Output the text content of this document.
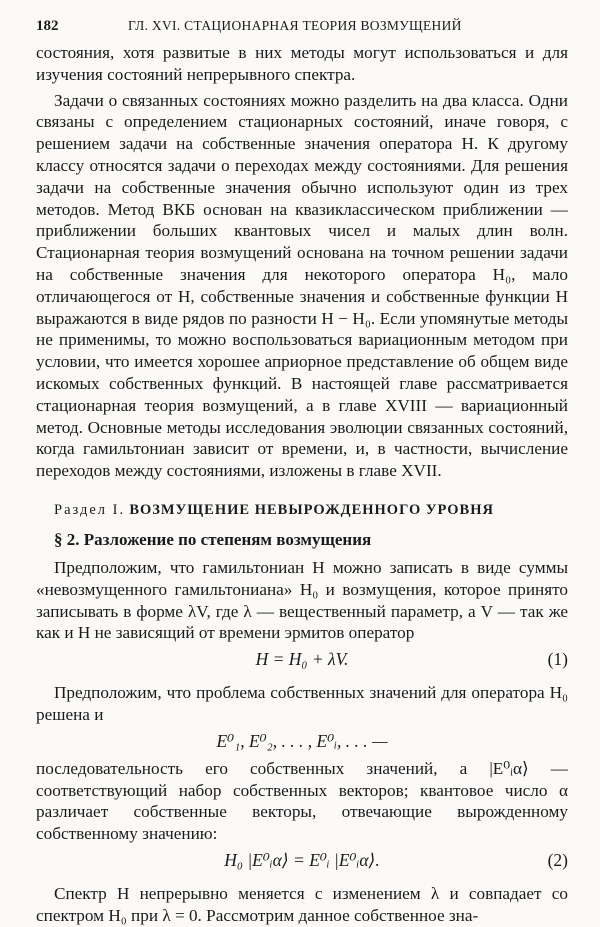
182	ГЛ. XVI. СТАЦИОНАРНАЯ ТЕОРИЯ ВОЗМУЩЕНИЙ

состояния, хотя развитые в них методы могут использоваться и для изучения состояний непрерывного спектра.

Задачи о связанных состояниях можно разделить на два класса. Одни связаны с определением стационарных состояний, иначе говоря, с решением задачи на собственные значения оператора H. К другому классу относятся задачи о переходах между состояниями. Для решения задачи на собственные значения обычно используют один из трех методов. Метод ВКБ основан на квазиклассическом приближении — приближении больших квантовых чисел и малых длин волн. Стационарная теория возмущений основана на точном решении задачи на собственные значения для некоторого оператора H₀, мало отличающегося от H, собственные значения и собственные функции H выражаются в виде рядов по разности H − H₀. Если упомянутые методы не применимы, то можно воспользоваться вариационным методом при условии, что имеется хорошее априорное представление об общем виде искомых собственных функций. В настоящей главе рассматривается стационарная теория возмущений, а в главе XVIII — вариационный метод. Основные методы исследования эволюции связанных состояний, когда гамильтониан зависит от времени, и, в частности, вычисление переходов между состояниями, изложены в главе XVII.

Раздел I. ВОЗМУЩЕНИЕ НЕВЫРОЖДЕННОГО УРОВНЯ
§ 2. Разложение по степеням возмущения

Предположим, что гамильтониан H можно записать в виде суммы «невозмущенного гамильтониана» H₀ и возмущения, которое принято записывать в форме λV, где λ — вещественный параметр, а V — так же как и H не зависящий от времени эрмитов оператор

H = H₀ + λV.	(1)

Предположим, что проблема собственных значений для оператора H₀ решена и

E⁰₁, E⁰₂, . . . , E⁰ᵢ, . . . —

последовательность его собственных значений, а |E⁰ᵢα⟩ — соответствующий набор собственных векторов; квантовое число α различает собственные векторы, отвечающие вырожденному собственному значению:

H₀ |E⁰ᵢα⟩ = E⁰ᵢ |E⁰ᵢα⟩.	(2)

Спектр H непрерывно меняется с изменением λ и совпадает со спектром H₀ при λ = 0. Рассмотрим данное собственное зна-
